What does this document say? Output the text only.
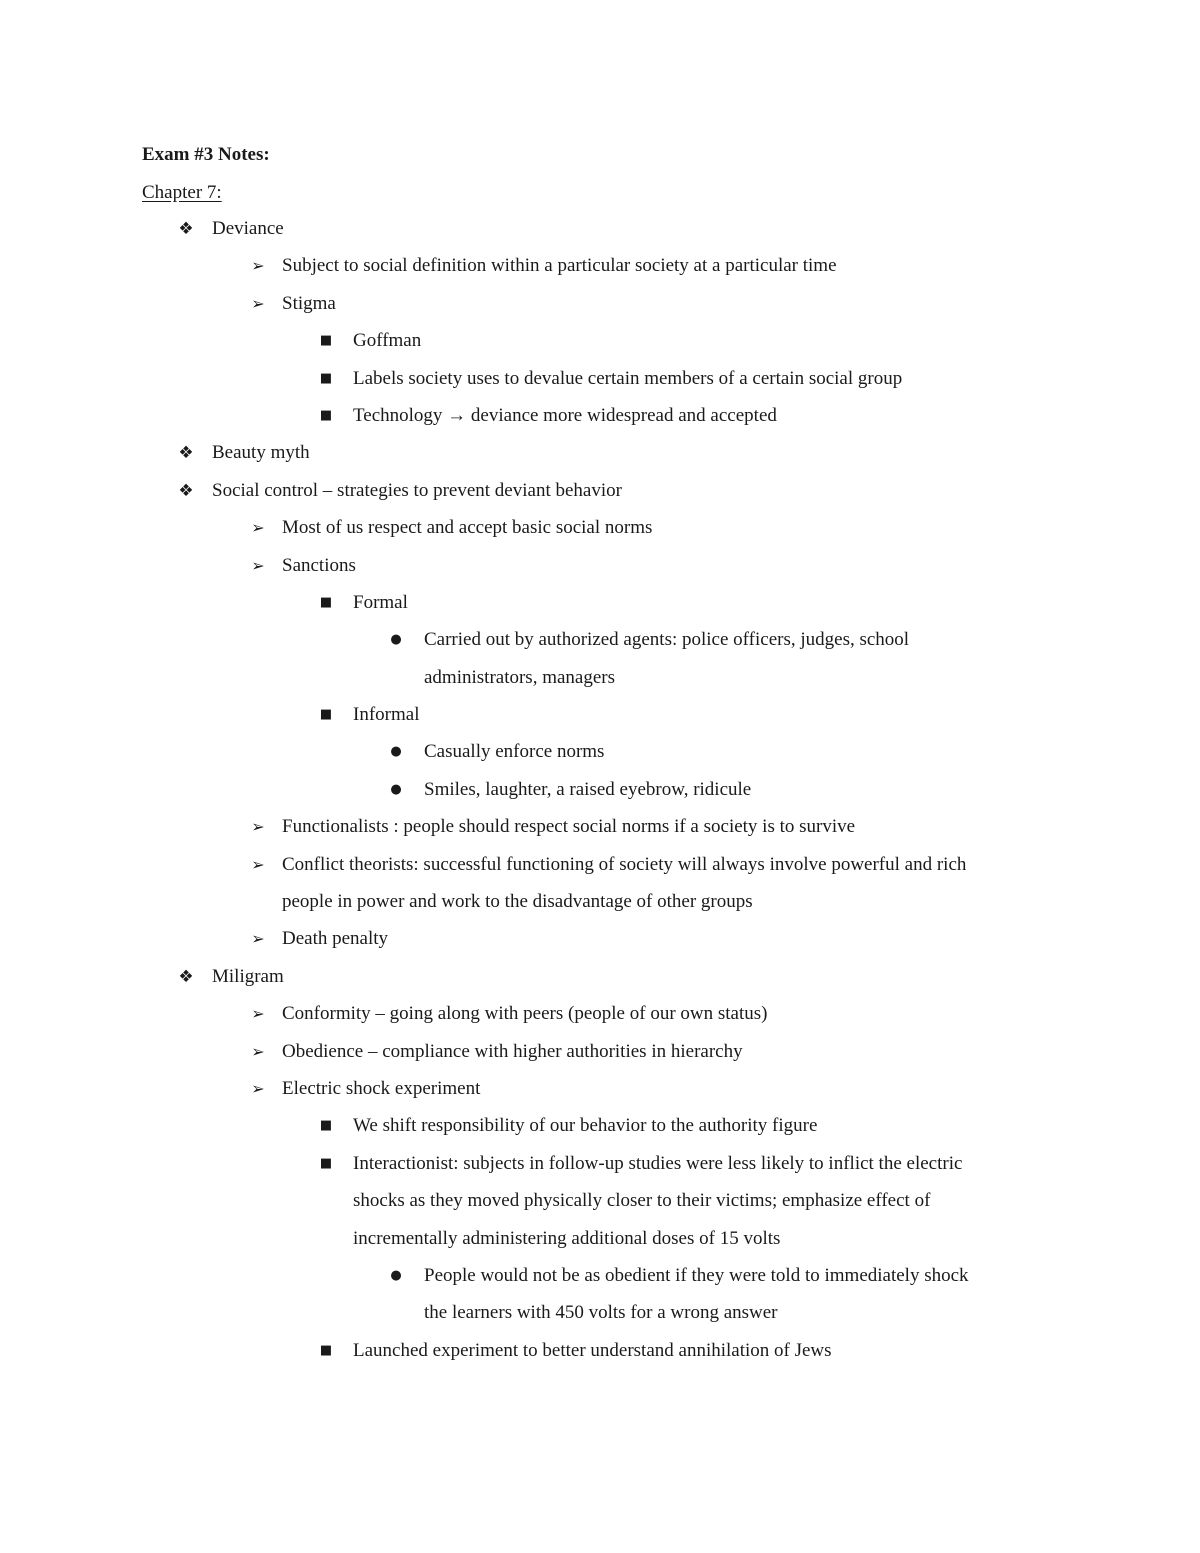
Exam #3 Notes:
Chapter 7:
❖ Deviance
➢ Subject to social definition within a particular society at a particular time
➢ Stigma
■	Goffman
■	Labels society uses to devalue certain members of a certain social group
■	Technology → deviance more widespread and accepted
❖ Beauty myth
❖ Social control – strategies to prevent deviant behavior
➢ Most of us respect and accept basic social norms
➢ Sanctions
■	Formal
●	Carried out by authorized agents: police officers, judges, school
administrators, managers
■	Informal
●	Casually enforce norms
●	Smiles, laughter, a raised eyebrow, ridicule
➢ Functionalists : people should respect social norms if a society is to survive
➢ Conflict theorists: successful functioning of society will always involve powerful and rich
people in power and work to the disadvantage of other groups
➢ Death penalty
❖ Miligram
➢ Conformity – going along with peers (people of our own status)
➢ Obedience – compliance with higher authorities in hierarchy
➢ Electric shock experiment
■	We shift responsibility of our behavior to the authority figure
■	Interactionist: subjects in follow-up studies were less likely to inflict the electric
shocks as they moved physically closer to their victims; emphasize effect of
incrementally administering additional doses of 15 volts
●	People would not be as obedient if they were told to immediately shock
the learners with 450 volts for a wrong answer
■	Launched experiment to better understand annihilation of Jews
